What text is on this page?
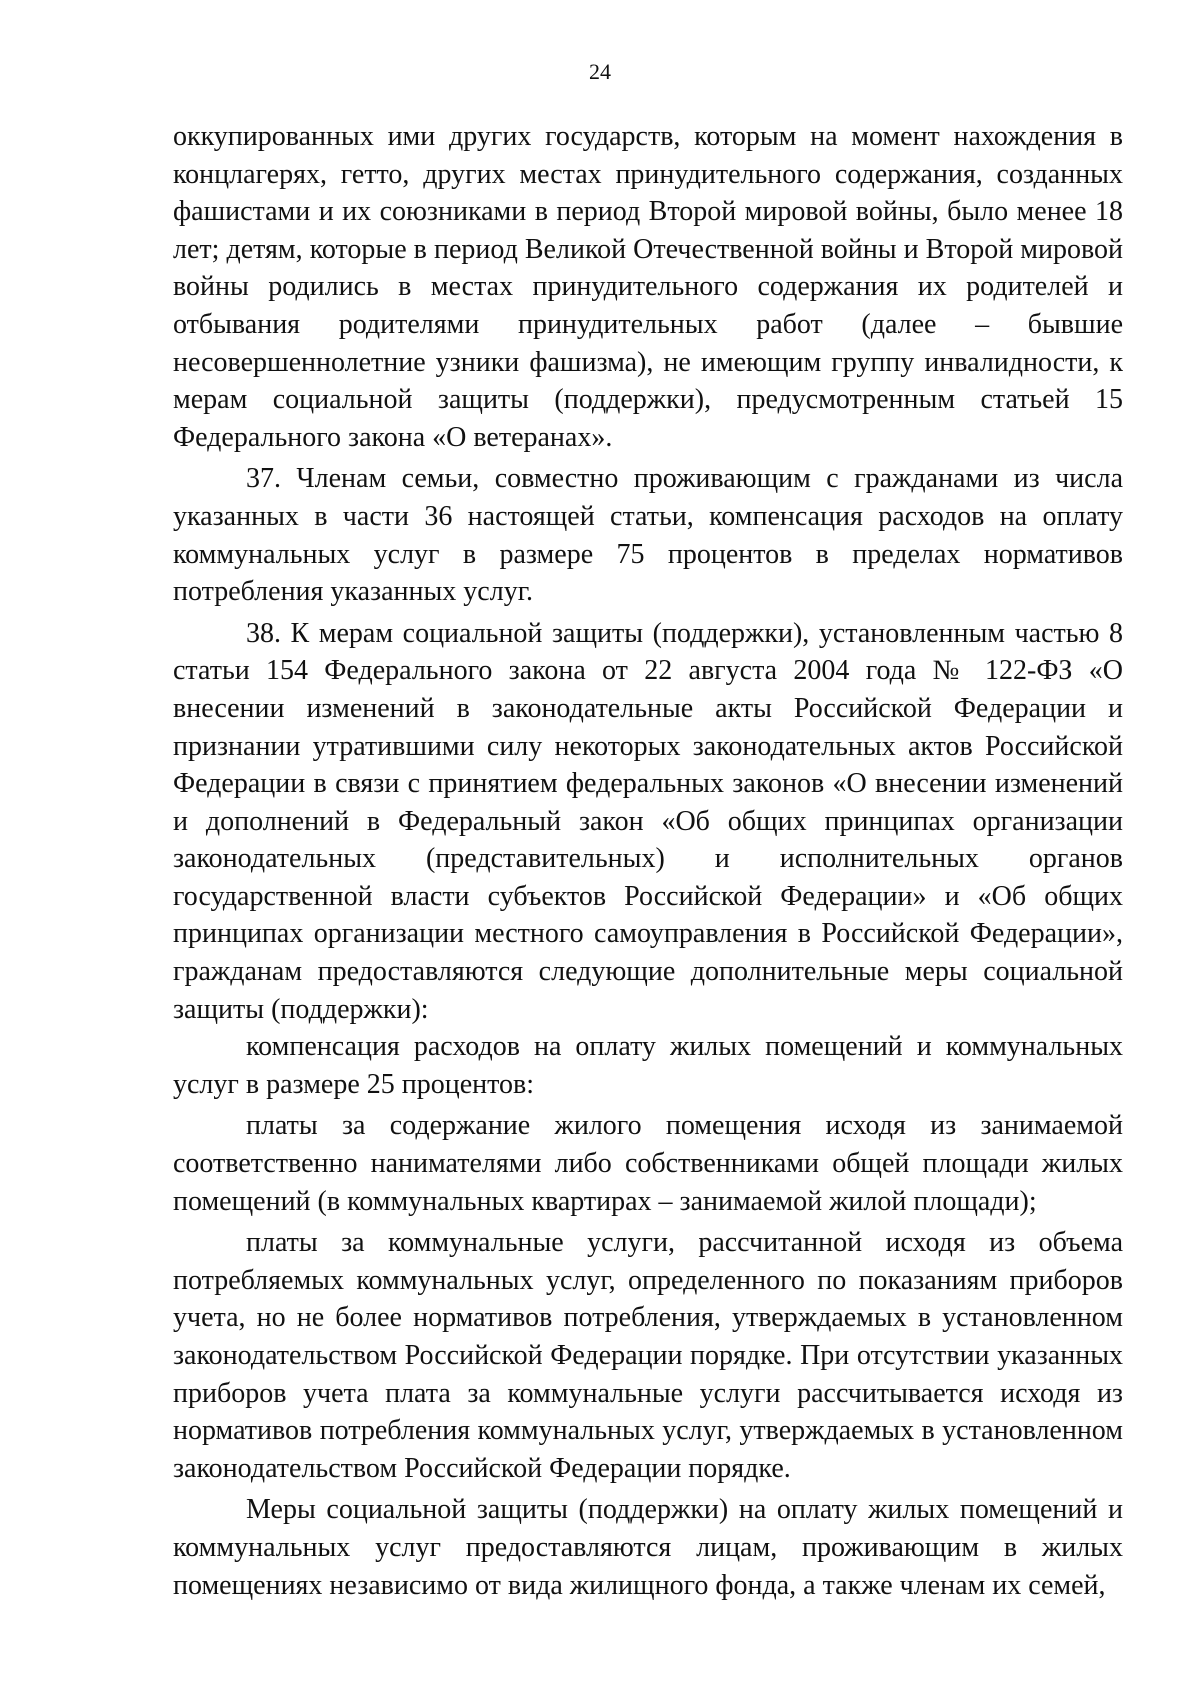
24

оккупированных ими других государств, которым на момент нахождения в концлагерях, гетто, других местах принудительного содержания, созданных фашистами и их союзниками в период Второй мировой войны, было менее 18 лет; детям, которые в период Великой Отечественной войны и Второй мировой войны родились в местах принудительного содержания их родителей и отбывания родителями принудительных работ (далее – бывшие несовершеннолетние узники фашизма), не имеющим группу инвалидности, к мерам социальной защиты (поддержки), предусмотренным статьей 15 Федерального закона «О ветеранах».

37. Членам семьи, совместно проживающим с гражданами из числа указанных в части 36 настоящей статьи, компенсация расходов на оплату коммунальных услуг в размере 75 процентов в пределах нормативов потребления указанных услуг.

38. К мерам социальной защиты (поддержки), установленным частью 8 статьи 154 Федерального закона от 22 августа 2004 года № 122-ФЗ «О внесении изменений в законодательные акты Российской Федерации и признании утратившими силу некоторых законодательных актов Российской Федерации в связи с принятием федеральных законов «О внесении изменений и дополнений в Федеральный закон «Об общих принципах организации законодательных (представительных) и исполнительных органов государственной власти субъектов Российской Федерации» и «Об общих принципах организации местного самоуправления в Российской Федерации», гражданам предоставляются следующие дополнительные меры социальной защиты (поддержки):

компенсация расходов на оплату жилых помещений и коммунальных услуг в размере 25 процентов:

платы за содержание жилого помещения исходя из занимаемой соответственно нанимателями либо собственниками общей площади жилых помещений (в коммунальных квартирах – занимаемой жилой площади);

платы за коммунальные услуги, рассчитанной исходя из объема потребляемых коммунальных услуг, определенного по показаниям приборов учета, но не более нормативов потребления, утверждаемых в установленном законодательством Российской Федерации порядке. При отсутствии указанных приборов учета плата за коммунальные услуги рассчитывается исходя из нормативов потребления коммунальных услуг, утверждаемых в установленном законодательством Российской Федерации порядке.

Меры социальной защиты (поддержки) на оплату жилых помещений и коммунальных услуг предоставляются лицам, проживающим в жилых помещениях независимо от вида жилищного фонда, а также членам их семей,
